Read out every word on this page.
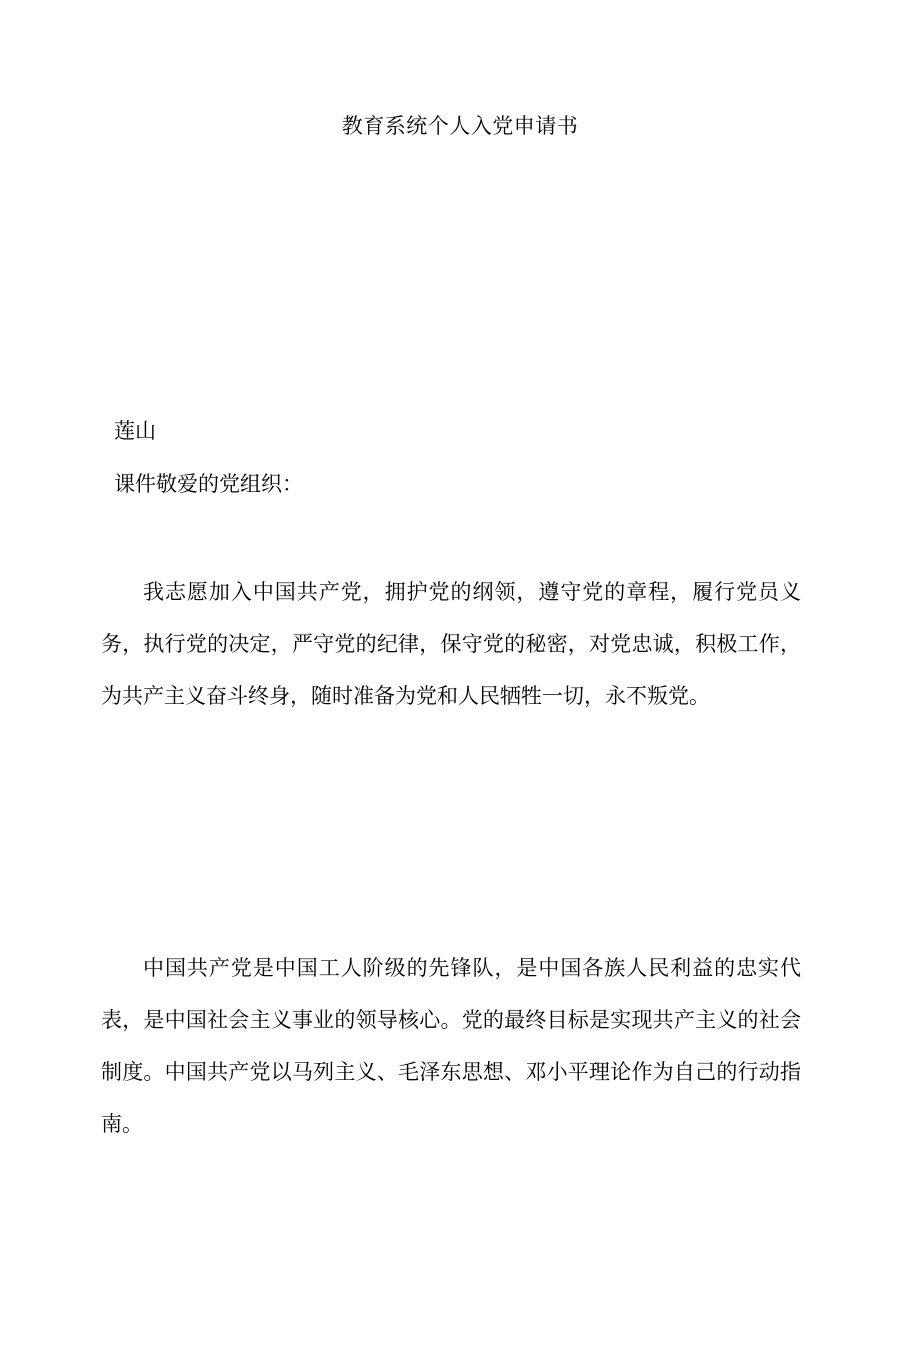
教育系统个人入党申请书
莲山
课件敬爱的党组织：

我志愿加入中国共产党，拥护党的纲领，遵守党的章程，履行党员义务，执行党的决定，严守党的纪律，保守党的秘密，对党忠诚，积极工作，为共产主义奋斗终身，随时准备为党和人民牺牲一切，永不叛党。

中国共产党是中国工人阶级的先锋队，是中国各族人民利益的忠实代表，是中国社会主义事业的领导核心。党的最终目标是实现共产主义的社会制度。中国共产党以马列主义、毛泽东思想、邓小平理论作为自己的行动指南。
